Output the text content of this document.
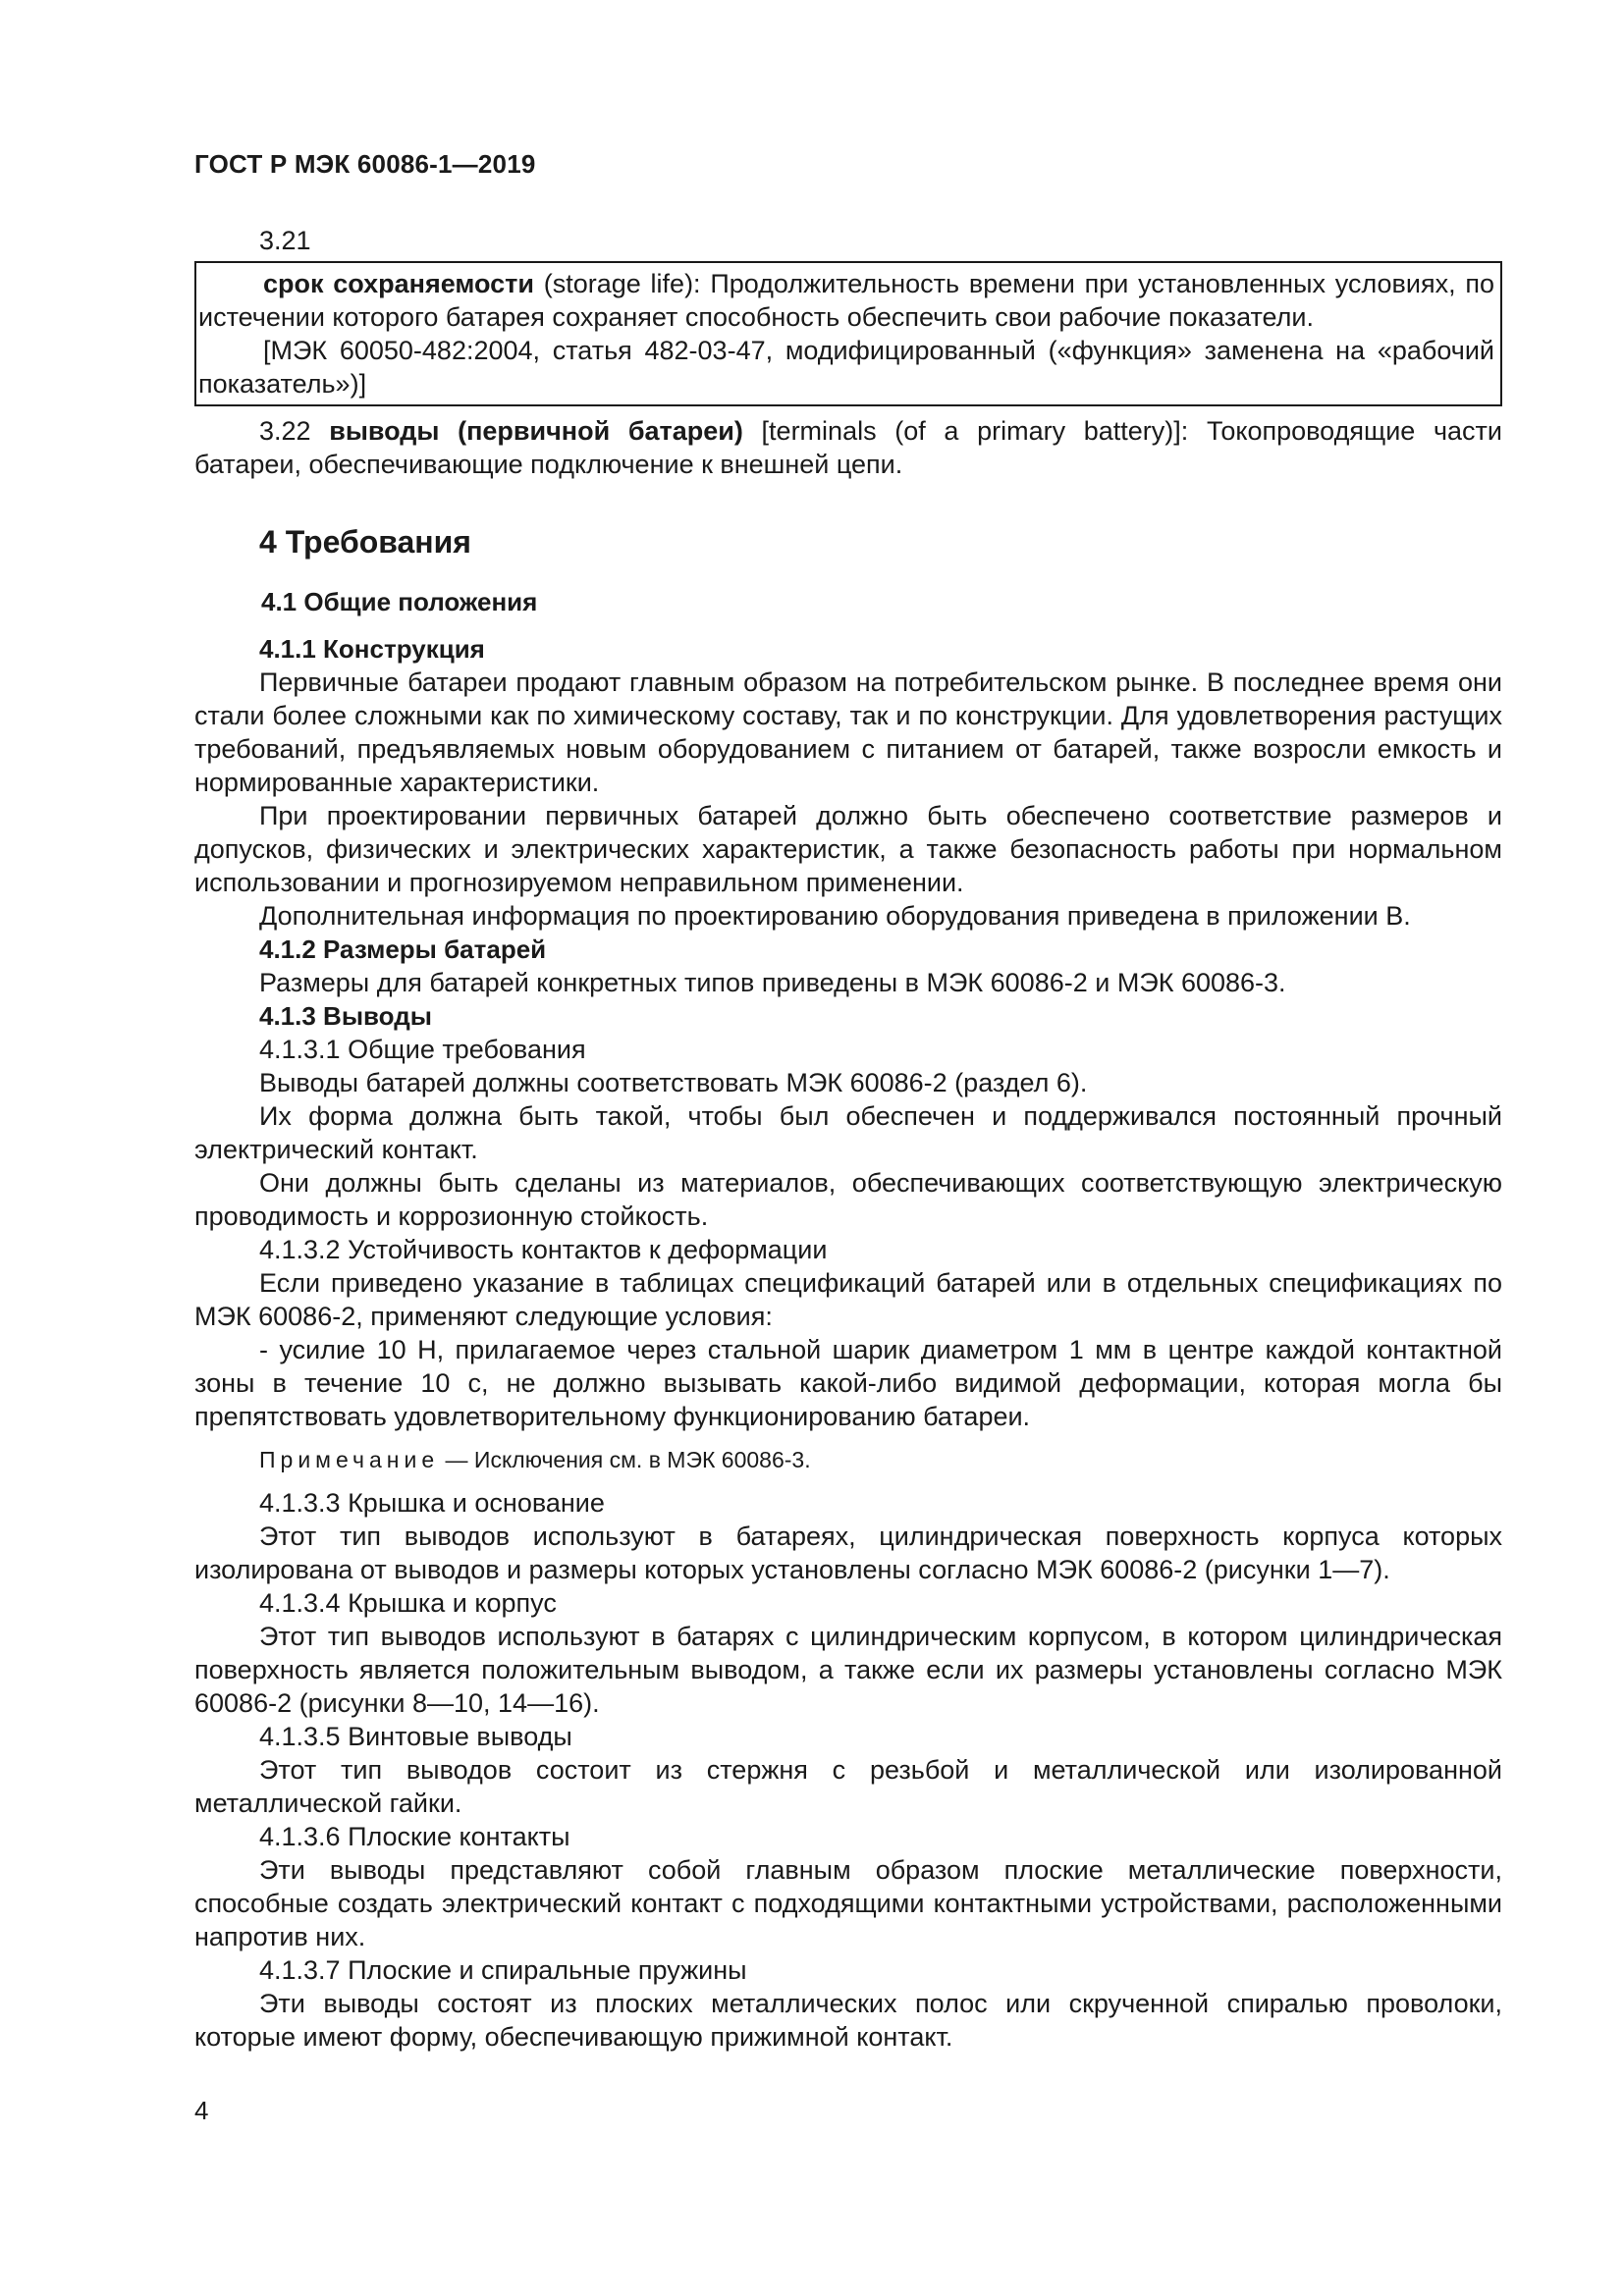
ГОСТ Р МЭК 60086-1—2019

3.21

срок сохраняемости (storage life): Продолжительность времени при установленных условиях, по истечении которого батарея сохраняет способность обеспечить свои рабочие показатели.

[МЭК 60050-482:2004, статья 482-03-47, модифицированный («функция» заменена на «рабочий показатель»)]

3.22 выводы (первичной батареи) [terminals (of a primary battery)]: Токопроводящие части батареи, обеспечивающие подключение к внешней цепи.

4 Требования
4.1 Общие положения
4.1.1 Конструкция

Первичные батареи продают главным образом на потребительском рынке. В последнее время они стали более сложными как по химическому составу, так и по конструкции. Для удовлетворения растущих требований, предъявляемых новым оборудованием с питанием от батарей, также возросли емкость и нормированные характеристики.

При проектировании первичных батарей должно быть обеспечено соответствие размеров и допусков, физических и электрических характеристик, а также безопасность работы при нормальном использовании и прогнозируемом неправильном применении.

Дополнительная информация по проектированию оборудования приведена в приложении В.

4.1.2 Размеры батарей

Размеры для батарей конкретных типов приведены в МЭК 60086-2 и МЭК 60086-3.

4.1.3 Выводы

4.1.3.1 Общие требования

Выводы батарей должны соответствовать МЭК 60086-2 (раздел 6).

Их форма должна быть такой, чтобы был обеспечен и поддерживался постоянный прочный электрический контакт.

Они должны быть сделаны из материалов, обеспечивающих соответствующую электрическую проводимость и коррозионную стойкость.

4.1.3.2 Устойчивость контактов к деформации

Если приведено указание в таблицах спецификаций батарей или в отдельных спецификациях по МЭК 60086-2, применяют следующие условия:

- усилие 10 Н, прилагаемое через стальной шарик диаметром 1 мм в центре каждой контактной зоны в течение 10 с, не должно вызывать какой-либо видимой деформации, которая могла бы препятствовать удовлетворительному функционированию батареи.

Примечание — Исключения см. в МЭК 60086-3.

4.1.3.3 Крышка и основание

Этот тип выводов используют в батареях, цилиндрическая поверхность корпуса которых изолирована от выводов и размеры которых установлены согласно МЭК 60086-2 (рисунки 1—7).

4.1.3.4 Крышка и корпус

Этот тип выводов используют в батарях с цилиндрическим корпусом, в котором цилиндрическая поверхность является положительным выводом, а также если их размеры установлены согласно МЭК 60086-2 (рисунки 8—10, 14—16).

4.1.3.5 Винтовые выводы

Этот тип выводов состоит из стержня с резьбой и металлической или изолированной металлической гайки.

4.1.3.6 Плоские контакты

Эти выводы представляют собой главным образом плоские металлические поверхности, способные создать электрический контакт с подходящими контактными устройствами, расположенными напротив них.

4.1.3.7 Плоские и спиральные пружины

Эти выводы состоят из плоских металлических полос или скрученной спиралью проволоки, которые имеют форму, обеспечивающую прижимной контакт.

4
